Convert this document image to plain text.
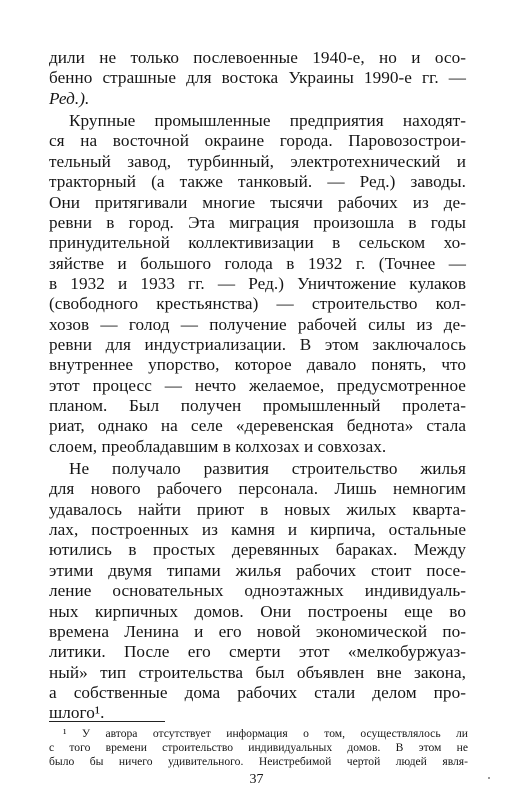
дили не только послевоенные 1940-е, но и осо-
бенно страшные для востока Украины 1990-е гг. —
Ред.).
Крупные промышленные предприятия находят-
ся на восточной окраине города. Паровозострои-
тельный завод, турбинный, электротехнический и
тракторный (а также танковый. — Ред.) заводы.
Они притягивали многие тысячи рабочих из де-
ревни в город. Эта миграция произошла в годы
принудительной коллективизации в сельском хо-
зяйстве и большого голода в 1932 г. (Точнее —
в 1932 и 1933 гг. — Ред.) Уничтожение кулаков
(свободного крестьянства) — строительство кол-
хозов — голод — получение рабочей силы из де-
ревни для индустриализации. В этом заключалось
внутреннее упорство, которое давало понять, что
этот процесс — нечто желаемое, предусмотренное
планом. Был получен промышленный пролета-
риат, однако на селе «деревенская беднота» стала
слоем, преобладавшим в колхозах и совхозах.
Не получало развития строительство жилья
для нового рабочего персонала. Лишь немногим
удавалось найти приют в новых жилых кварта-
лах, построенных из камня и кирпича, остальные
ютились в простых деревянных бараках. Между
этими двумя типами жилья рабочих стоит посе-
ление основательных одноэтажных индивидуаль-
ных кирпичных домов. Они построены еще во
времена Ленина и его новой экономической по-
литики. После его смерти этот «мелкобуржуаз-
ный» тип строительства был объявлен вне закона,
¹ У автора отсутствует информация о том, осуществлялось ли
с того времени строительство индивидуальных домов. В этом не
37
а собственные дома рабочих стали делом про-
шлого¹.
было бы ничего удивительного. Неистребимой чертой людей явля-
